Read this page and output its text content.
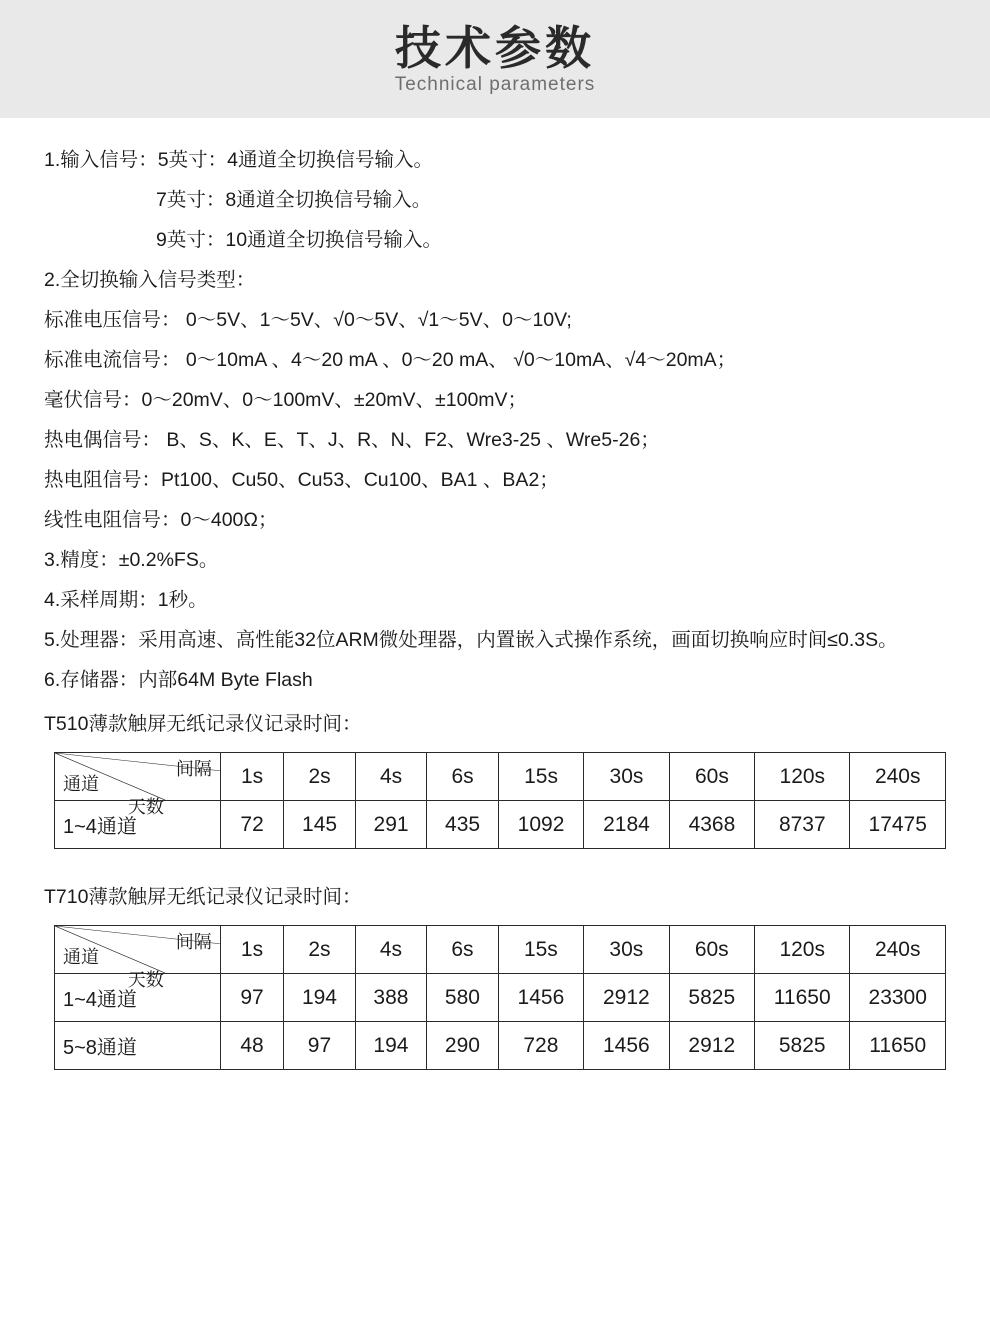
技术参数
Technical parameters
1.输入信号：5英寸：4通道全切换信号输入。
7英寸：8通道全切换信号输入。
9英寸：10通道全切换信号输入。
2.全切换输入信号类型：
标准电压信号： 0～5V、1～5V、√0～5V、√1～5V、0～10V;
标准电流信号： 0～10mA 、4～20 mA 、0～20 mA、 √0～10mA、√4～20mA；
毫伏信号：0～20mV、0～100mV、±20mV、±100mV；
热电偶信号： B、S、K、E、T、J、R、N、F2、Wre3-25 、Wre5-26；
热电阻信号：Pt100、Cu50、Cu53、Cu100、BA1 、BA2；
线性电阻信号：0～400Ω；
3.精度：±0.2%FS。
4.采样周期：1秒。
5.处理器：采用高速、高性能32位ARM微处理器，内置嵌入式操作系统，画面切换响应时间≤0.3S。
6.存储器：内部64M Byte Flash
T510薄款触屏无纸记录仪记录时间：
间隔
天数
通道	1s	2s	4s	6s	15s	30s	60s	120s	240s
1~4通道	72	145	291	435	1092	2184	4368	8737	17475
T710薄款触屏无纸记录仪记录时间：
间隔
天数
通道	1s	2s	4s	6s	15s	30s	60s	120s	240s
1~4通道	97	194	388	580	1456	2912	5825	11650	23300
5~8通道	48	97	194	290	728	1456	2912	5825	11650
